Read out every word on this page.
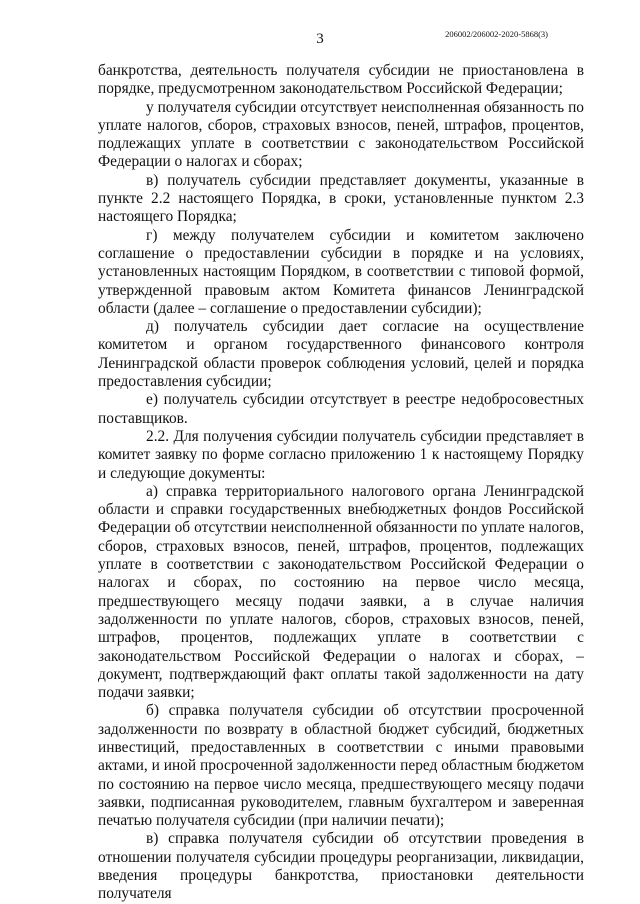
3	206002/206002-2020-5868(3)

банкротства, деятельность получателя субсидии не приостановлена в порядке, предусмотренном законодательством Российской Федерации;

у получателя субсидии отсутствует неисполненная обязанность по уплате налогов, сборов, страховых взносов, пеней, штрафов, процентов, подлежащих уплате в соответствии с законодательством Российской Федерации о налогах и сборах;

в) получатель субсидии представляет документы, указанные в пункте 2.2 настоящего Порядка, в сроки, установленные пунктом 2.3 настоящего Порядка;

г) между получателем субсидии и комитетом заключено соглашение о предоставлении субсидии в порядке и на условиях, установленных настоящим Порядком, в соответствии с типовой формой, утвержденной правовым актом Комитета финансов Ленинградской области (далее – соглашение о предоставлении субсидии);

д) получатель субсидии дает согласие на осуществление комитетом и органом государственного финансового контроля Ленинградской области проверок соблюдения условий, целей и порядка предоставления субсидии;

е) получатель субсидии отсутствует в реестре недобросовестных поставщиков.

2.2. Для получения субсидии получатель субсидии представляет в комитет заявку по форме согласно приложению 1 к настоящему Порядку и следующие документы:

а) справка территориального налогового органа Ленинградской области и справки государственных внебюджетных фондов Российской Федерации об отсутствии неисполненной обязанности по уплате налогов, сборов, страховых взносов, пеней, штрафов, процентов, подлежащих уплате в соответствии с законодательством Российской Федерации о налогах и сборах, по состоянию на первое число месяца, предшествующего месяцу подачи заявки, а в случае наличия задолженности по уплате налогов, сборов, страховых взносов, пеней, штрафов, процентов, подлежащих уплате в соответствии с законодательством Российской Федерации о налогах и сборах, – документ, подтверждающий факт оплаты такой задолженности на дату подачи заявки;

б) справка получателя субсидии об отсутствии просроченной задолженности по возврату в областной бюджет субсидий, бюджетных инвестиций, предоставленных в соответствии с иными правовыми актами, и иной просроченной задолженности перед областным бюджетом по состоянию на первое число месяца, предшествующего месяцу подачи заявки, подписанная руководителем, главным бухгалтером и заверенная печатью получателя субсидии (при наличии печати);

в) справка получателя субсидии об отсутствии проведения в отношении получателя субсидии процедуры реорганизации, ликвидации, введения процедуры банкротства, приостановки деятельности получателя
